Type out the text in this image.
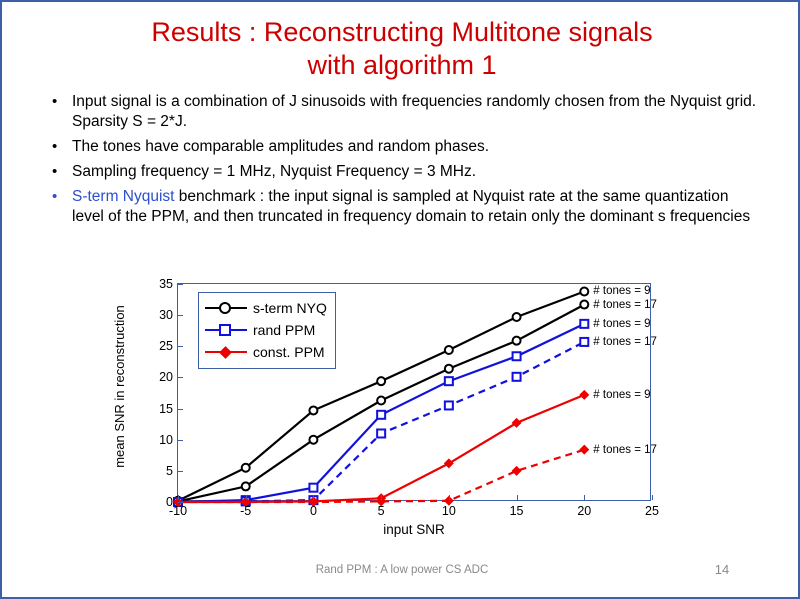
Results : Reconstructing Multitone signals
with algorithm 1
• Input signal is a combination of J sinusoids with frequencies randomly chosen from the Nyquist grid. Sparsity S = 2*J.
• The tones have comparable amplitudes and random phases.
• Sampling frequency = 1 MHz, Nyquist Frequency = 3 MHz.
• S-term Nyquist benchmark : the input signal is sampled at Nyquist rate at the same quantization level of the PPM, and then truncated in frequency domain to retain only the dominant s frequencies
mean SNR in reconstruction
input SNR
s-term NYQ
rand PPM
const. PPM
0
5
10
15
20
25
30
35
-10	-5	0	5	10	15	20	25
# tones = 9
# tones = 17
# tones = 9
# tones = 17
# tones = 9
# tones = 17
Rand PPM : A low power CS ADC	14
